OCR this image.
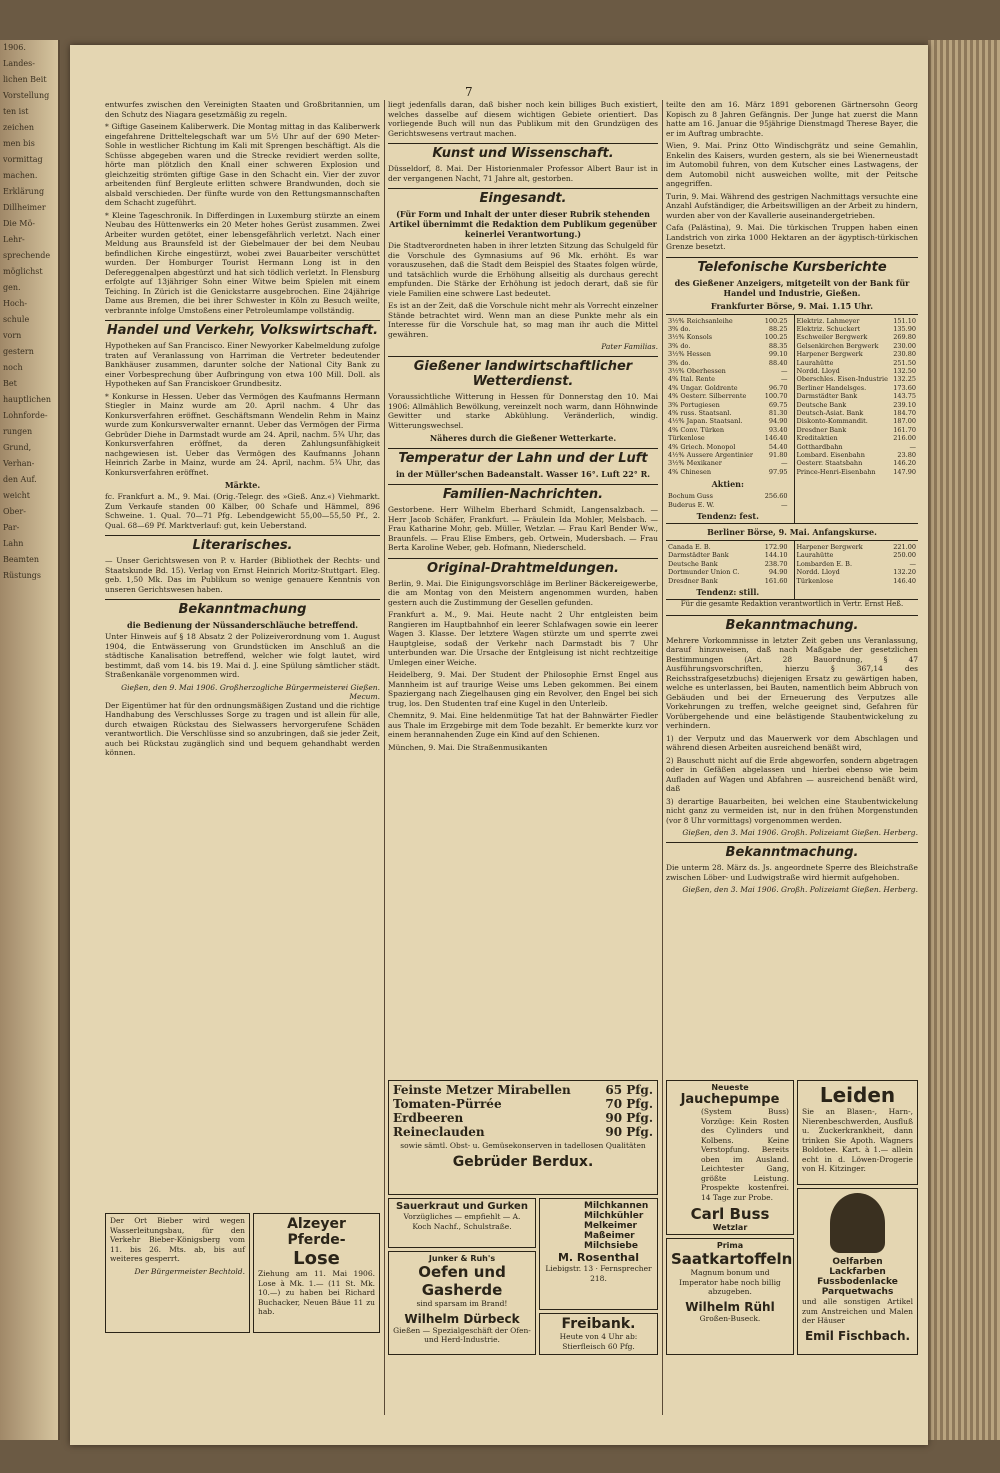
1906.
Landes-
lichen Beit
Vorstellung
ten ist
zeichen
men bis
vormittag
machen.
Erklärung
Dillheimer
Die Mö-
Lehr-
sprechende
möglichst
gen.
Hoch-
schule
vorn
gestern
noch
Bet
hauptlichen
Lohnforde-
rungen
Grund,
Verhan-
den Auf.
weicht
Ober-
Par-
Lahn
Beamten
Rüstungs
7

entwurfes zwischen den Vereinigten Staaten und Großbritannien, um den Schutz des Niagara gesetzmäßig zu regeln.

* Giftige Gaseinem Kaliberwerk. Die Montag mittag in das Kaliberwerk eingefahrene Dritteltelegschaft war um 5½ Uhr auf der 690 Meter-Sohle in westlicher Richtung im Kali mit Sprengen beschäftigt. Als die Schüsse abgegeben waren und die Strecke revidiert werden sollte, hörte man plötzlich den Knall einer schweren Explosion und gleichzeitig strömten giftige Gase in den Schacht ein. Vier der zuvor arbeitenden fünf Bergleute erlitten schwere Brandwunden, doch sie alsbald verschieden. Der fünfte wurde von den Rettungsmannschaften dem Schacht zugeführt.

* Kleine Tageschronik. In Differdingen in Luxemburg stürzte an einem Neubau des Hüttenwerks ein 20 Meter hohes Gerüst zusammen. Zwei Arbeiter wurden getötet, einer lebensgefährlich verletzt. Nach einer Meldung aus Braunsfeld ist der Giebelmauer der bei dem Neubau befindlichen Kirche eingestürzt, wobei zwei Bauarbeiter verschüttet wurden. Der Homburger Tourist Hermann Long ist in den Defereggenalpen abgestürzt und hat sich tödlich verletzt. In Flensburg erfolgte auf 13jähriger Sohn einer Witwe beim Spielen mit einem Teiching. In Zürich ist die Genickstarre ausgebrochen. Eine 24jährige Dame aus Bremen, die bei ihrer Schwester in Köln zu Besuch weilte, verbrannte infolge Umstoßens einer Petroleumlampe vollständig.

Handel und Verkehr, Volkswirtschaft.

Hypotheken auf San Francisco. Einer Newyorker Kabelmeldung zufolge traten auf Veranlassung von Harriman die Vertreter bedeutender Bankhäuser zusammen, darunter solche der National City Bank zu einer Vorbesprechung über Aufbringung von etwa 100 Mill. Doll. als Hypotheken auf San Franciskoer Grundbesitz.

* Konkurse in Hessen. Ueber das Vermögen des Kaufmanns Hermann Stiegler in Mainz wurde am 20. April nachm. 4 Uhr das Konkursverfahren eröffnet. Geschäftsmann Wendelin Rehm in Mainz wurde zum Konkursverwalter ernannt. Ueber das Vermögen der Firma Gebrüder Diehe in Darmstadt wurde am 24. April, nachm. 5¾ Uhr, das Konkursverfahren eröffnet, da deren Zahlungsunfähigkeit nachgewiesen ist. Ueber das Vermögen des Kaufmanns Johann Heinrich Zarbe in Mainz, wurde am 24. April, nachm. 5¾ Uhr, das Konkursverfahren eröffnet.

Märkte.

fc. Frankfurt a. M., 9. Mai. (Orig.-Telegr. des »Gieß. Anz.«) Viehmarkt. Zum Verkaufe standen 00 Kälber, 00 Schafe und Hämmel, 896 Schweine. 1. Qual. 70—71 Pfg. Lebendgewicht 55,00—55,50 Pf., 2. Qual. 68—69 Pf. Marktverlauf: gut, kein Ueberstand.

Literarisches.

— Unser Gerichtswesen von P. v. Harder (Bibliothek der Rechts- und Staatskunde Bd. 15). Verlag von Ernst Heinrich Moritz-Stuttgart. Eleg. geb. 1,50 Mk. Das im Publikum so wenige genauere Kenntnis von unseren Gerichtswesen haben.

Bekanntmachung
die Bedienung der Nüssanderschläuche betreffend.

Unter Hinweis auf § 18 Absatz 2 der Polizeiverordnung vom 1. August 1904, die Entwässerung von Grundstücken im Anschluß an die städtische Kanalisation betreffend, welcher wie folgt lautet, wird bestimmt, daß vom 14. bis 19. Mai d. J. eine Spülung sämtlicher städt. Straßenkanäle vorgenommen wird.

Gießen, den 9. Mai 1906. Großherzogliche Bürgermeisterei Gießen. Mecum.

Der Eigentümer hat für den ordnungsmäßigen Zustand und die richtige Handhabung des Verschlusses Sorge zu tragen und ist allein für alle, durch etwaigen Rückstau des Sielwassers hervorgerufene Schäden verantwortlich. Die Verschlüsse sind so anzubringen, daß sie jeder Zeit, auch bei Rückstau zugänglich sind und bequem gehandhabt werden können.

liegt jedenfalls daran, daß bisher noch kein billiges Buch existiert, welches dasselbe auf diesem wichtigen Gebiete orientiert. Das vorliegende Buch will nun das Publikum mit den Grundzügen des Gerichtswesens vertraut machen.

Kunst und Wissenschaft.

Düsseldorf, 8. Mai. Der Historienmaler Professor Albert Baur ist in der vergangenen Nacht, 71 Jahre alt, gestorben.

Eingesandt.
(Für Form und Inhalt der unter dieser Rubrik stehenden Artikel übernimmt die Redaktion dem Publikum gegenüber keinerlei Verantwortung.)

Die Stadtverordneten haben in ihrer letzten Sitzung das Schulgeld für die Vorschule des Gymnasiums auf 96 Mk. erhöht. Es war vorauszusehen, daß die Stadt dem Beispiel des Staates folgen würde, und tatsächlich wurde die Erhöhung allseitig als durchaus gerecht empfunden. Die Stärke der Erhöhung ist jedoch derart, daß sie für viele Familien eine schwere Last bedeutet.

Es ist an der Zeit, daß die Vorschule nicht mehr als Vorrecht einzelner Stände betrachtet wird. Wenn man an diese Punkte mehr als ein Interesse für die Vorschule hat, so mag man ihr auch die Mittel gewähren.

Pater Familias.
Gießener landwirtschaftlicher Wetterdienst.

Voraussichtliche Witterung in Hessen für Donnerstag den 10. Mai 1906: Allmählich Bewölkung, vereinzelt noch warm, dann Höhnwinde Gewitter und starke Abkühlung. Veränderlich, windig. Witterungswechsel.

Näheres durch die Gießener Wetterkarte.
Temperatur der Lahn und der Luft
in der Müller'schen Badeanstalt. Wasser 16°. Luft 22° R.
Familien-Nachrichten.

Gestorbene. Herr Wilhelm Eberhard Schmidt, Langensalzbach. — Herr Jacob Schäfer, Frankfurt. — Fräulein Ida Mohler, Melsbach. — Frau Katharine Mohr, geb. Müller, Wetzlar. — Frau Karl Bender Ww., Braunfels. — Frau Elise Embers, geb. Ortwein, Mudersbach. — Frau Berta Karoline Weber, geb. Hofmann, Niederscheld.

Original-Drahtmeldungen.

Berlin, 9. Mai. Die Einigungsvorschläge im Berliner Bäckereigewerbe, die am Montag von den Meistern angenommen wurden, haben gestern auch die Zustimmung der Gesellen gefunden.

Frankfurt a. M., 9. Mai. Heute nacht 2 Uhr entgleisten beim Rangieren im Hauptbahnhof ein leerer Schlafwagen sowie ein leerer Wagen 3. Klasse. Der letztere Wagen stürzte um und sperrte zwei Hauptgleise, sodaß der Verkehr nach Darmstadt bis 7 Uhr unterbunden war. Die Ursache der Entgleisung ist nicht rechtzeitige Umlegen einer Weiche.

Heidelberg, 9. Mai. Der Student der Philosophie Ernst Engel aus Mannheim ist auf traurige Weise ums Leben gekommen. Bei einem Spaziergang nach Ziegelhausen ging ein Revolver, den Engel bei sich trug, los. Den Studenten traf eine Kugel in den Unterleib.

Chemnitz, 9. Mai. Eine heldenmütige Tat hat der Bahnwärter Fiedler aus Thale im Erzgebirge mit dem Tode bezahlt. Er bemerkte kurz vor einem herannahenden Zuge ein Kind auf den Schienen.

München, 9. Mai. Die Straßenmusikanten

teilte den am 16. März 1891 geborenen Gärtnersohn Georg Kopisch zu 8 Jahren Gefängnis. Der Junge hat zuerst die Mann hatte am 16. Januar die 95jährige Dienstmagd Therese Bayer, die er im Auftrag umbrachte.

Wien, 9. Mai. Prinz Otto Windischgrätz und seine Gemahlin, Enkelin des Kaisers, wurden gestern, als sie bei Wienerneustadt im Automobil fuhren, von dem Kutscher eines Lastwagens, der dem Automobil nicht ausweichen wollte, mit der Peitsche angegriffen.

Turin, 9. Mai. Während des gestrigen Nachmittags versuchte eine Anzahl Aufständiger, die Arbeitswilligen an der Arbeit zu hindern, wurden aber von der Kavallerie auseinandergetrieben.

Cafa (Palästina), 9. Mai. Die türkischen Truppen haben einen Landstrich von zirka 1000 Hektaren an der ägyptisch-türkischen Grenze besetzt.

Telefonische Kursberichte
des Gießener Anzeigers, mitgeteilt von der Bank für Handel und Industrie, Gießen.
Frankfurter Börse, 9. Mai. 1.15 Uhr.
3½% Reichsanleihe	100.25
3% do.	88.25
3½% Konsols	100.25
3% do.	88.35
3½% Hessen	99.10
3% do.	88.40
3½% Oberhessen	—
4% Ital. Rente	—
4% Ungar. Goldrente	96.70
4% Oesterr. Silberrente	100.70
3% Portugiesen	69.75
4% russ. Staatsanl.	81.30
4½% Japan. Staatsanl.	94.90
4% Conv. Türken	93.40
Türkenlose	146.40
4% Griech. Monopol	54.40
4½% Aussere Argentinier	91.80
3½% Mexikaner	—
4% Chinesen	97.95
Aktien:
Bochum Guss	256.60
Buderus E. W.	—
Tendenz: fest.
Elektriz. Lahmeyer	151.10
Elektriz. Schuckert	135.90
Eschweiler Bergwerk	269.80
Gelsenkirchen Bergwerk	230.00
Harpener Bergwerk	230.80
Laurahütte	251.50
Nordd. Lloyd	132.50
Oberschles. Eisen-Industrie	132.25
Berliner Handelsges.	173.60
Darmstädter Bank	143.75
Deutsche Bank	239.10
Deutsch-Asiat. Bank	184.70
Diskonto-Kommandit.	187.00
Dresdner Bank	161.70
Kreditaktien	216.00
Gotthardbahn	—
Lombard. Eisenbahn	23.80
Oesterr. Staatsbahn	146.20
Prince-Henri-Eisenbahn	147.90
Berliner Börse, 9. Mai. Anfangskurse.
Canada E. B.	172.90
Darmstädter Bank	144.10
Deutsche Bank	238.70
Dortmunder Union C.	94.90
Dresdner Bank	161.60
Tendenz: still.
Harpener Bergwerk	221.00
Laurahütte	250.00
Lombarden E. B.	—
Nordd. Lloyd	132.20
Türkenlose	146.40

Für die gesamte Redaktion verantwortlich in Vertr. Ernst Heß.

Bekanntmachung.

Mehrere Vorkommnisse in letzter Zeit geben uns Veranlassung, darauf hinzuweisen, daß nach Maßgabe der gesetzlichen Bestimmungen (Art. 28 Bauordnung, § 47 Ausführungsvorschriften, hierzu § 367,14 des Reichsstrafgesetzbuchs) diejenigen Ersatz zu gewärtigen haben, welche es unterlassen, bei Bauten, namentlich beim Abbruch von Gebäuden und bei der Erneuerung des Verputzes alle Vorkehrungen zu treffen, welche geeignet sind, Gefahren für Vorübergehende und eine belästigende Staubentwickelung zu verhindern.

1) der Verputz und das Mauerwerk vor dem Abschlagen und während diesen Arbeiten ausreichend benäßt wird,

2) Bauschutt nicht auf die Erde abgeworfen, sondern abgetragen oder in Gefäßen abgelassen und hierbei ebenso wie beim Aufladen auf Wagen und Abfahren — ausreichend benäßt wird, daß

3) derartige Bauarbeiten, bei welchen eine Staubentwickelung nicht ganz zu vermeiden ist, nur in den frühen Morgenstunden (vor 8 Uhr vormittags) vorgenommen werden.

Gießen, den 3. Mai 1906. Großh. Polizeiamt Gießen. Herberg.
Bekanntmachung.

Die unterm 28. März ds. Js. angeordnete Sperre des Bleichstraße zwischen Löber- und Ludwigstraße wird hiermit aufgehoben.

Gießen, den 3. Mai 1906. Großh. Polizeiamt Gießen. Herberg.

Der Ort Bieber wird wegen Wasserleitungsbau, für den Verkehr Bieber-Königsberg vom 11. bis 26. Mts. ab, bis auf weiteres gesperrt.

Der Bürgermeister Bechtold.
Alzeyer Pferde-
Lose

Ziehung am 11. Mai 1906. Lose à Mk. 1.— (11 St. Mk. 10.—) zu haben bei Richard Buchacker, Neuen Bäue 11 zu hab.

Feinste Metzer Mirabellen	65 Pfg.
Tomaten-Pürrée	70 Pfg.
Erdbeeren	90 Pfg.
Reineclauden	90 Pfg.

sowie sämtl. Obst- u. Gemüsekonserven in tadellosen Qualitäten

Gebrüder Berdux.
Sauerkraut und Gurken

Vorzügliches — empfiehlt — A. Koch Nachf., Schulstraße.

Junker & Ruh's
Oefen und Gasherde

sind sparsam im Brand!

Wilhelm Dürbeck

Gießen — Spezialgeschäft der Ofen- und Herd-Industrie.

Milchkannen
Milchkühler
Melkeimer
Maßeimer
Milchsiebe
M. Rosenthal

Liebigstr. 13 · Fernsprecher 218.

Freibank.

Heute von 4 Uhr ab: Stierfleisch 60 Pfg.

Neueste
Jauchepumpe

(System Buss) Vorzüge: Kein Rosten des Cylinders und Kolbens. Keine Verstopfung. Bereits oben im Ausland. Leichtester Gang, größte Leistung. Prospekte kostenfrei. 14 Tage zur Probe.

Carl Buss
Wetzlar
Prima
Saatkartoffeln

Magnum bonum und Imperator habe noch billig abzugeben.

Wilhelm Rühl

Großen-Buseck.

Leiden

Sie an Blasen-, Harn-, Nierenbeschwerden, Ausfluß u. Zuckerkrankheit, dann trinken Sie Apoth. Wagners Boldotee. Kart. à 1.— allein echt in d. Löwen-Drogerie von H. Kitzinger.

Oelfarben
Lackfarben
Fussbodenlacke
Parquetwachs

und alle sonstigen Artikel zum Anstreichen und Malen der Häuser

Emil Fischbach.
